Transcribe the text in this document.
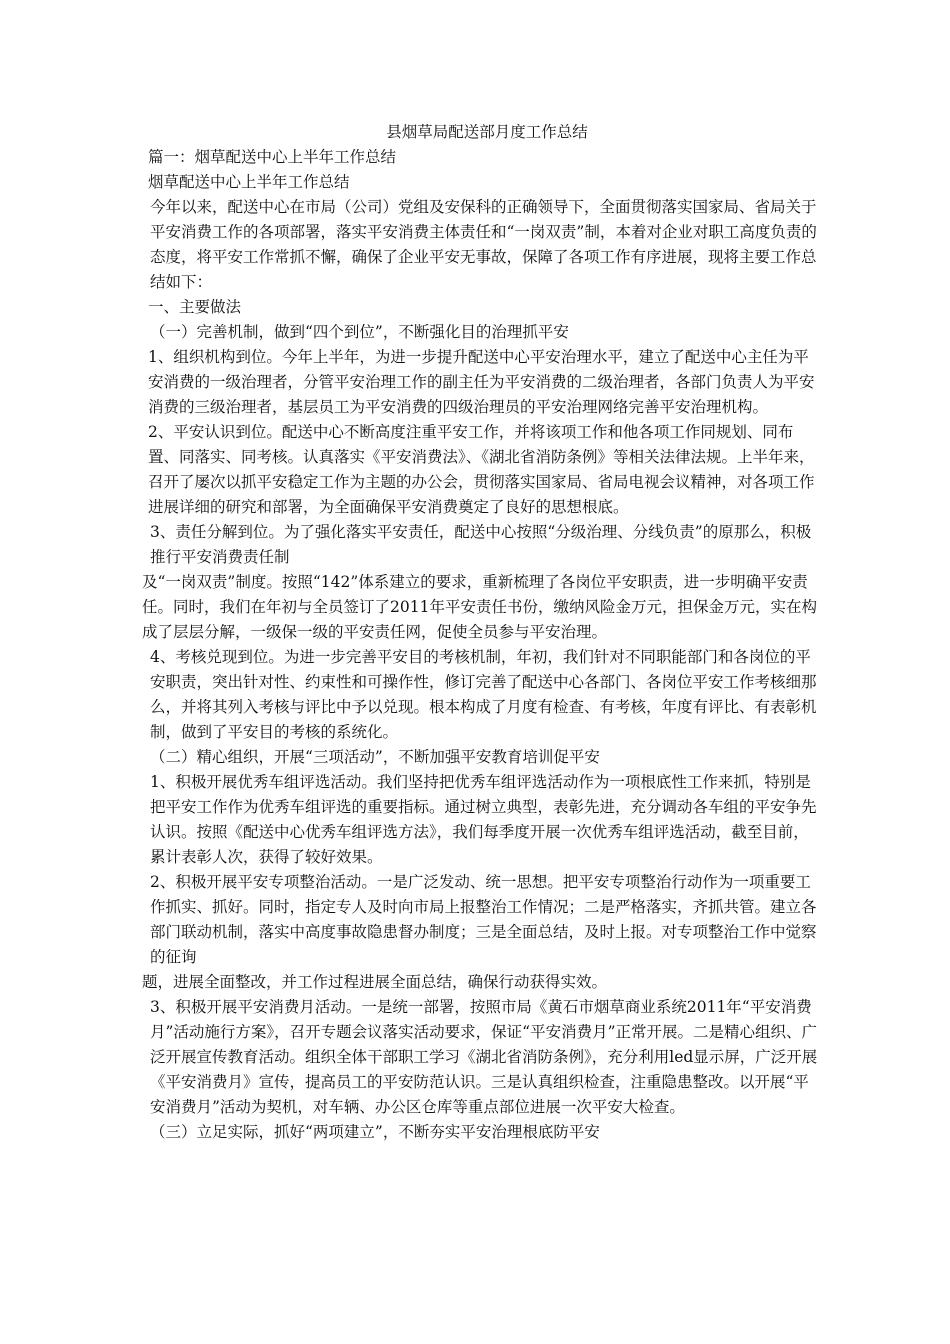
县烟草局配送部月度工作总结

篇一：烟草配送中心上半年工作总结

烟草配送中心上半年工作总结

今年以来，配送中心在市局（公司）党组及安保科的正确领导下，全面贯彻落实国家局、省局关于平安消费工作的各项部署，落实平安消费主体责任和“一岗双责”制，本着对企业对职工高度负责的态度，将平安工作常抓不懈，确保了企业平安无事故，保障了各项工作有序进展，现将主要工作总结如下：

一、主要做法

（一）完善机制，做到“四个到位”，不断强化目的治理抓平安

1、组织机构到位。今年上半年，为进一步提升配送中心平安治理水平，建立了配送中心主任为平安消费的一级治理者，分管平安治理工作的副主任为平安消费的二级治理者，各部门负责人为平安消费的三级治理者，基层员工为平安消费的四级治理员的平安治理网络完善平安治理机构。

2、平安认识到位。配送中心不断高度注重平安工作，并将该项工作和他各项工作同规划、同布置、同落实、同考核。认真落实《平安消费法》、《湖北省消防条例》等相关法律法规。上半年来，召开了屡次以抓平安稳定工作为主题的办公会，贯彻落实国家局、省局电视会议精神，对各项工作进展详细的研究和部署，为全面确保平安消费奠定了良好的思想根底。

3、责任分解到位。为了强化落实平安责任，配送中心按照“分级治理、分线负责”的原那么，积极推行平安消费责任制

及“一岗双责”制度。按照“142”体系建立的要求，重新梳理了各岗位平安职责，进一步明确平安责任。同时，我们在年初与全员签订了2011年平安责任书份，缴纳风险金万元，担保金万元，实在构成了层层分解，一级保一级的平安责任网，促使全员参与平安治理。

4、考核兑现到位。为进一步完善平安目的考核机制，年初，我们针对不同职能部门和各岗位的平安职责，突出针对性、约束性和可操作性，修订完善了配送中心各部门、各岗位平安工作考核细那么，并将其列入考核与评比中予以兑现。根本构成了月度有检查、有考核，年度有评比、有表彰机制，做到了平安目的考核的系统化。

（二）精心组织，开展“三项活动”，不断加强平安教育培训促平安

1、积极开展优秀车组评选活动。我们坚持把优秀车组评选活动作为一项根底性工作来抓，特别是把平安工作作为优秀车组评选的重要指标。通过树立典型，表彰先进，充分调动各车组的平安争先认识。按照《配送中心优秀车组评选方法》，我们每季度开展一次优秀车组评选活动，截至目前，累计表彰人次，获得了较好效果。

2、积极开展平安专项整治活动。一是广泛发动、统一思想。把平安专项整治行动作为一项重要工作抓实、抓好。同时，指定专人及时向市局上报整治工作情况；二是严格落实，齐抓共管。建立各部门联动机制，落实中高度事故隐患督办制度；三是全面总结，及时上报。对专项整治工作中觉察的征询

题，进展全面整改，并工作过程进展全面总结，确保行动获得实效。

3、积极开展平安消费月活动。一是统一部署，按照市局《黄石市烟草商业系统2011年“平安消费月”活动施行方案》，召开专题会议落实活动要求，保证“平安消费月”正常开展。二是精心组织、广泛开展宣传教育活动。组织全体干部职工学习《湖北省消防条例》，充分利用led显示屏，广泛开展《平安消费月》宣传，提高员工的平安防范认识。三是认真组织检查，注重隐患整改。以开展“平安消费月”活动为契机，对车辆、办公区仓库等重点部位进展一次平安大检查。

（三）立足实际，抓好“两项建立”，不断夯实平安治理根底防平安
